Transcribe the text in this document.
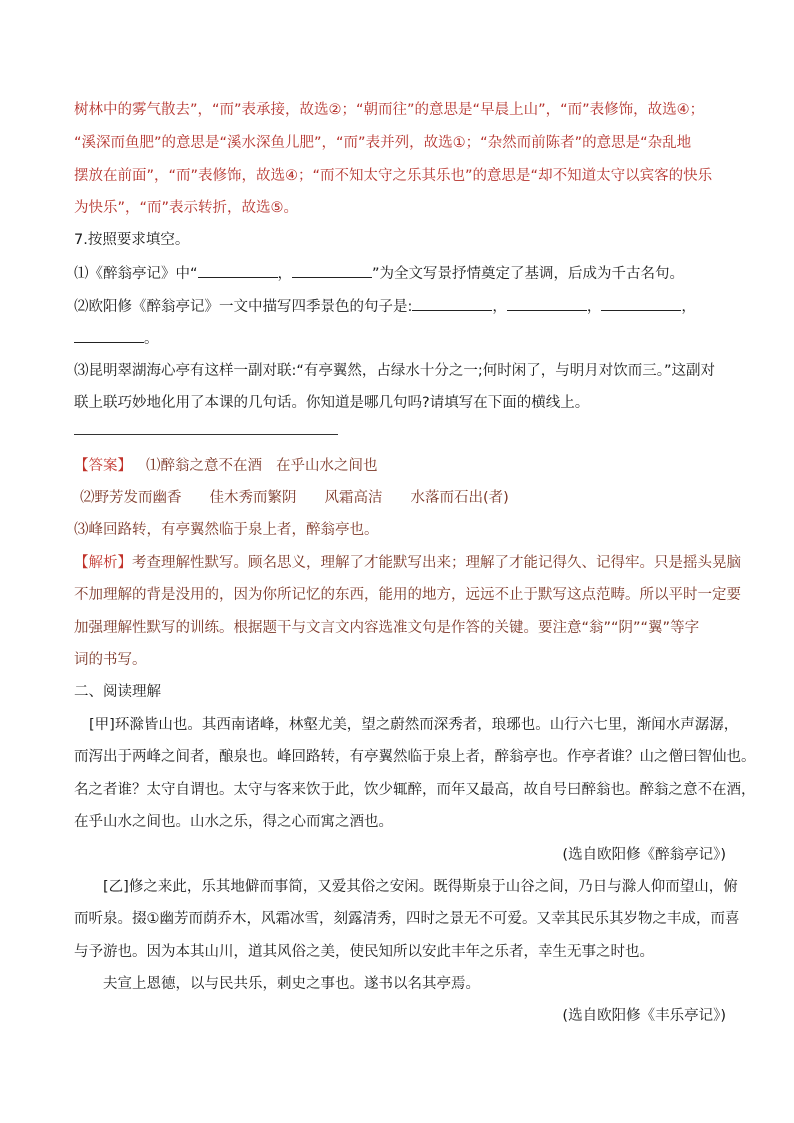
树林中的雾气散去”，“而”表承接，故选②；“朝而往”的意思是“早晨上山”，“而”表修饰，故选④；
“溪深而鱼肥”的意思是“溪水深鱼儿肥”，“而”表并列，故选①；“杂然而前陈者”的意思是“杂乱地
摆放在前面”，“而”表修饰，故选④；“而不知太守之乐其乐也”的意思是“却不知道太守以宾客的快乐
为快乐”，“而”表示转折，故选⑤。
7.按照要求填空。
⑴《醉翁亭记》中“	，	”为全文写景抒情奠定了基调，后成为千古名句。
⑵欧阳修《醉翁亭记》一文中描写四季景色的句子是:	，	，	，
。
⑶昆明翠湖海心亭有这样一副对联:“有亭翼然，占绿水十分之一;何时闲了，与明月对饮而三。”这副对
联上联巧妙地化用了本课的几句话。你知道是哪几句吗?请填写在下面的横线上。
【答案】 ⑴醉翁之意不在酒 在乎山水之间也
⑵野芳发而幽香 佳木秀而繁阴 风霜高洁 水落而石出(者)
⑶峰回路转，有亭翼然临于泉上者，醉翁亭也。
【解析】考查理解性默写。顾名思义，理解了才能默写出来；理解了才能记得久、记得牢。只是摇头晃脑
不加理解的背是没用的，因为你所记忆的东西，能用的地方，远远不止于默写这点范畴。所以平时一定要
加强理解性默写的训练。根据题干与文言文内容选准文句是作答的关键。要注意“翁”“阴”“翼”等字
词的书写。
二、阅读理解
[甲]环滁皆山也。其西南诸峰，林壑尤美，望之蔚然而深秀者，琅琊也。山行六七里，渐闻水声潺潺，
而泻出于两峰之间者，酿泉也。峰回路转，有亭翼然临于泉上者，醉翁亭也。作亭者谁？山之僧曰智仙也。
名之者谁？太守自谓也。太守与客来饮于此，饮少辄醉，而年又最高，故自号曰醉翁也。醉翁之意不在酒，
在乎山水之间也。山水之乐，得之心而寓之酒也。
(选自欧阳修《醉翁亭记》)
[乙]修之来此，乐其地僻而事简，又爱其俗之安闲。既得斯泉于山谷之间，乃日与滁人仰而望山，俯
而听泉。掇①幽芳而荫乔木，风霜冰雪，刻露清秀，四时之景无不可爱。又幸其民乐其岁物之丰成，而喜
与予游也。因为本其山川，道其风俗之美，使民知所以安此丰年之乐者，幸生无事之时也。
夫宣上恩德，以与民共乐，刺史之事也。遂书以名其亭焉。
(选自欧阳修《丰乐亭记》)
